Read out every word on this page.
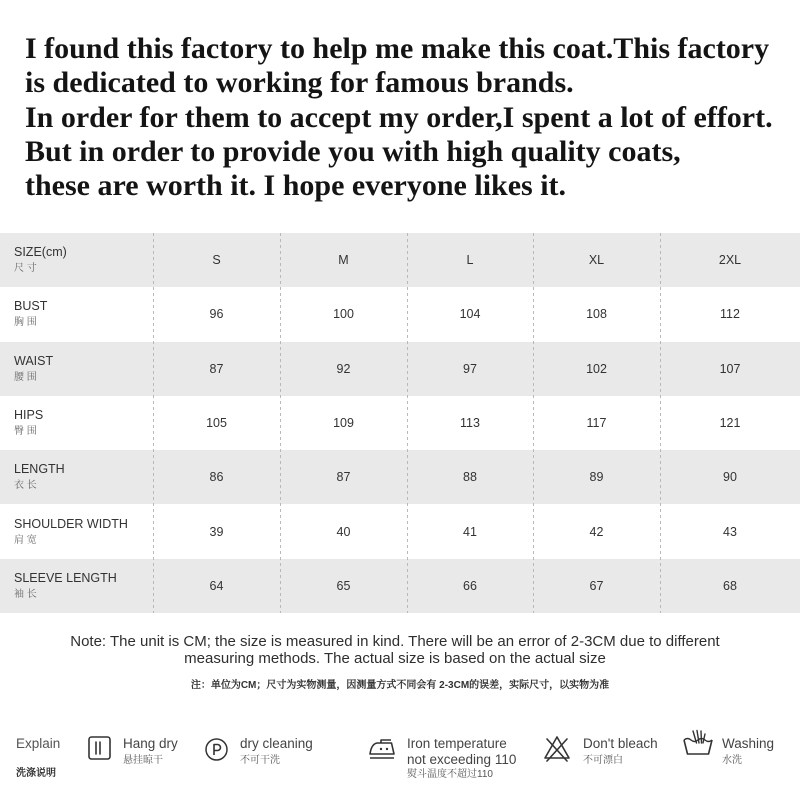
I found this factory to help me make this coat.This factory
is dedicated to working for famous brands.
In order for them to accept my order,I spent a lot of effort.
But in order to provide you with high quality coats,
these are worth it. I hope everyone likes it.
SIZE(cm)
尺 寸
S	M	L	XL	2XL
BUST
胸 围
96	100	104	108	112
WAIST
腰 围
87	92	97	102	107
HIPS
臀 围
105	109	113	117	121
LENGTH
衣 长
86	87	88	89	90
SHOULDER WIDTH
肩 宽
39	40	41	42	43
SLEEVE LENGTH
袖 长
64	65	66	67	68
Note: The unit is CM; the size is measured in kind. There will be an error of 2-3CM due to different
measuring methods. The actual size is based on the actual size
注：单位为CM；尺寸为实物测量，因测量方式不同会有 2-3CM的误差，实际尺寸，以实物为准
Explain
洗涤说明
Hang dry
悬挂晾干
dry cleaning
不可干洗
Iron temperature
not exceeding 110
熨斗温度不超过110
Don't bleach
不可漂白
Washing
水洗
